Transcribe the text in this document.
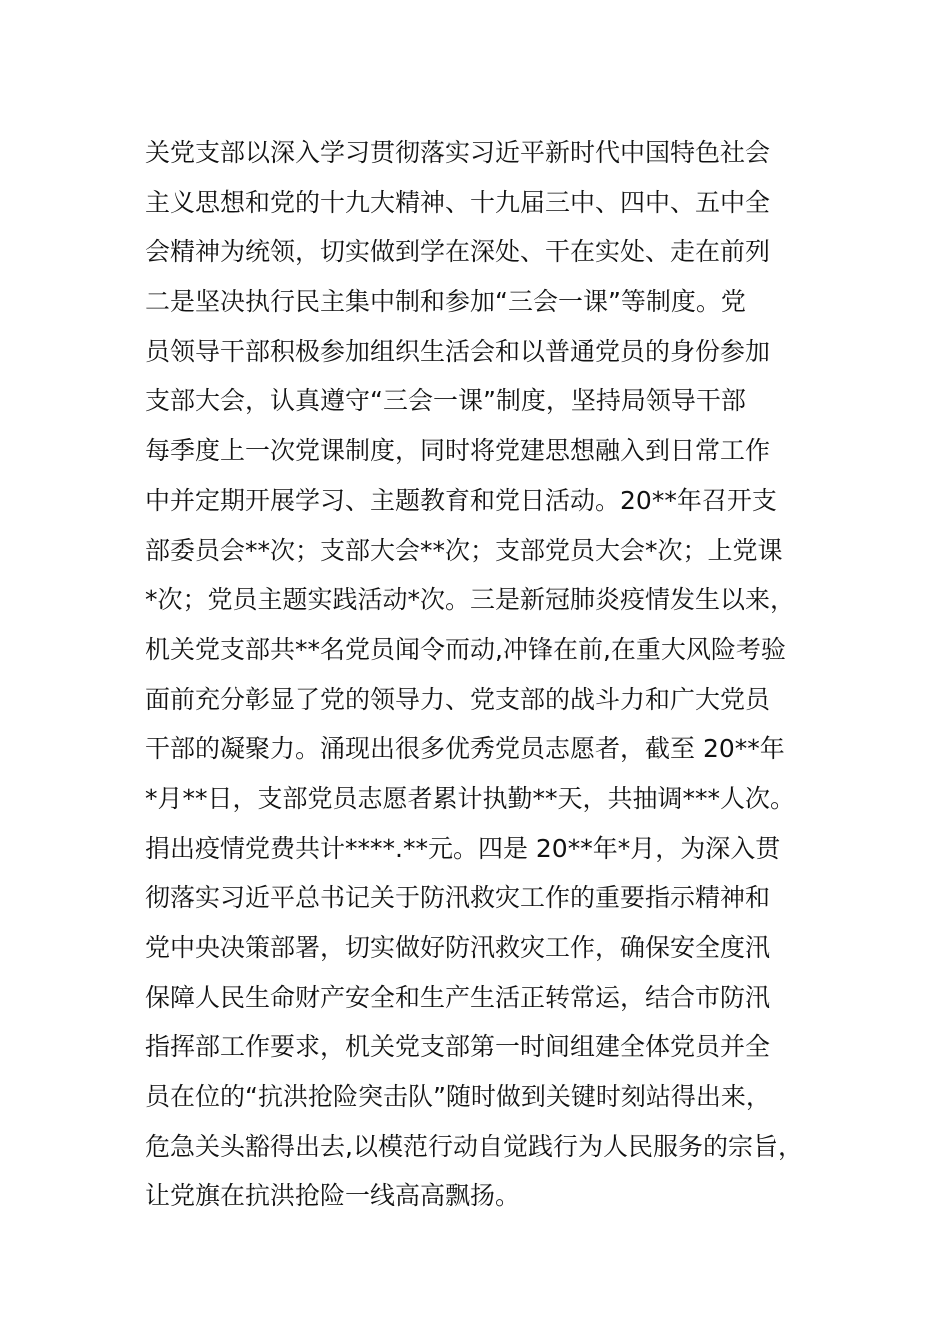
关党支部以深入学习贯彻落实习近平新时代中国特色社会
主义思想和党的十九大精神、十九届三中、四中、五中全
会精神为统领，切实做到学在深处、干在实处、走在前列
二是坚决执行民主集中制和参加“三会一课”等制度。党
员领导干部积极参加组织生活会和以普通党员的身份参加
支部大会，认真遵守“三会一课”制度，坚持局领导干部
每季度上一次党课制度，同时将党建思想融入到日常工作
中并定期开展学习、主题教育和党日活动。20**年召开支
部委员会**次；支部大会**次；支部党员大会*次；上党课
*次；党员主题实践活动*次。三是新冠肺炎疫情发生以来，
机关党支部共**名党员闻令而动,冲锋在前,在重大风险考验
面前充分彰显了党的领导力、党支部的战斗力和广大党员
干部的凝聚力。涌现出很多优秀党员志愿者，截至 20**年
*月**日，支部党员志愿者累计执勤**天，共抽调***人次。
捐出疫情党费共计****.**元。四是 20**年*月，为深入贯
彻落实习近平总书记关于防汛救灾工作的重要指示精神和
党中央决策部署，切实做好防汛救灾工作，确保安全度汛
保障人民生命财产安全和生产生活正转常运，结合市防汛
指挥部工作要求，机关党支部第一时间组建全体党员并全
员在位的“抗洪抢险突击队”随时做到关键时刻站得出来，
危急关头豁得出去,以模范行动自觉践行为人民服务的宗旨，
让党旗在抗洪抢险一线高高飘扬。
